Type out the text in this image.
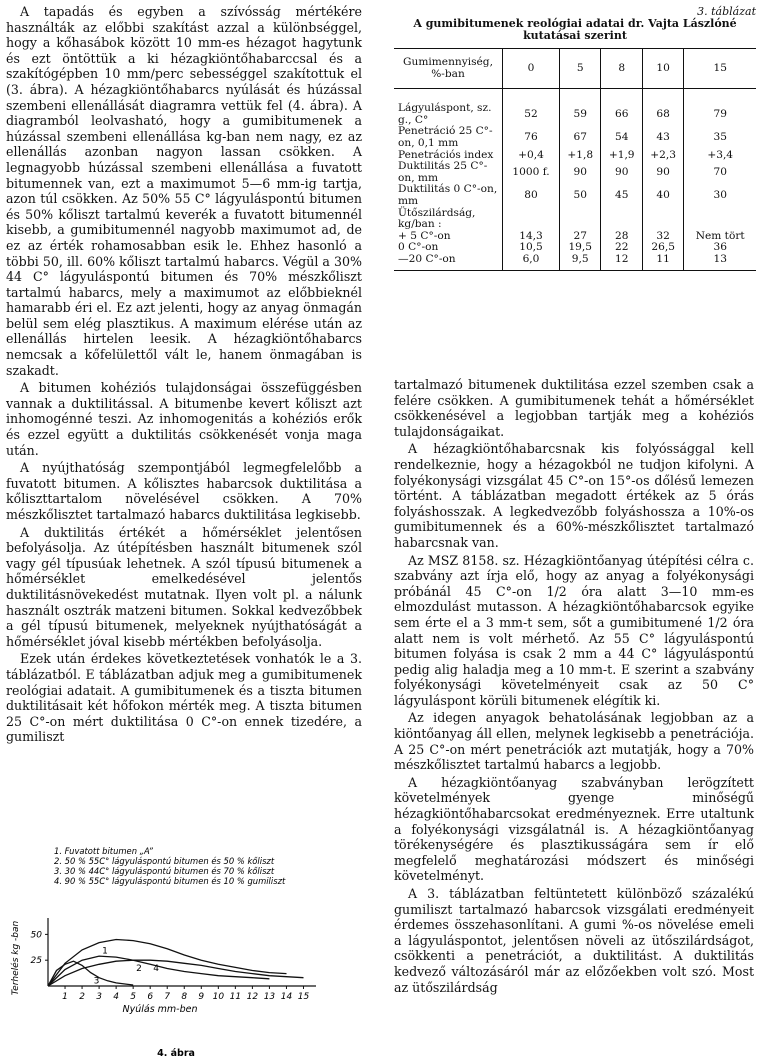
A tapadás és egyben a szívósság mértékére használták az előbbi szakítást azzal a különbséggel, hogy a kőhasábok között 10 mm-es hézagot hagytunk és ezt öntöttük a ki hézagkiöntőhabarccsal és a szakítógépben 10 mm/perc sebességgel szakítottuk el (3. ábra). A hézagkiöntőhabarcs nyúlását és húzással szembeni ellenállását diagramra vettük fel (4. ábra). A diagramból leolvasható, hogy a gumibitumenek a húzással szembeni ellenállása kg-ban nem nagy, ez az ellenállás azonban nagyon lassan csökken. A legnagyobb húzással szembeni ellenállása a fuvatott bitumennek van, ezt a maximumot 5—6 mm-ig tartja, azon túl csökken. Az 50% 55 C° lágyuláspontú bitumen és 50% kőliszt tartalmú keverék a fuvatott bitumennél kisebb, a gumibitumennél nagyobb maximumot ad, de ez az érték rohamosabban esik le. Ehhez hasonló a többi 50, ill. 60% kőliszt tartalmú habarcs. Végül a 30% 44 C° lágyuláspontú bitumen és 70% mészkőliszt tartalmú habarcs, mely a maximumot az előbbieknél hamarabb éri el. Ez azt jelenti, hogy az anyag önmagán belül sem elég plasztikus. A maximum elérése után az ellenállás hirtelen leesik. A hézagkiöntőhabarcs nemcsak a kőfelülettől vált le, hanem önmagában is szakadt.

A bitumen kohéziós tulajdonságai összefüggésben vannak a duktilitással. A bitumenbe kevert kőliszt azt inhomogénné teszi. Az inhomogenitás a kohéziós erők és ezzel együtt a duktilitás csökkenését vonja maga után.

A nyújthatóság szempontjából legmegfelelőbb a fuvatott bitumen. A kőlisztes habarcsok duktilitása a kőliszttartalom növelésével csökken. A 70% mészkőlisztet tartalmazó habarcs duktilitása legkisebb.

A duktilitás értékét a hőmérséklet jelentősen befolyásolja. Az útépítésben használt bitumenek szól vagy gél típusúak lehetnek. A szól típusú bitumenek a hőmérséklet emelkedésével jelentős duktilitásnövekedést mutatnak. Ilyen volt pl. a nálunk használt osztrák matzeni bitumen. Sokkal kedvezőbbek a gél típusú bitumenek, melyeknek nyújthatóságát a hőmérséklet jóval kisebb mértékben befolyásolja.

Ezek után érdekes következtetések vonhatók le a 3. táblázatból. E táblázatban adjuk meg a gumibitumenek reológiai adatait. A gumibitumenek és a tiszta bitumen duktilitásait két hőfokon mérték meg. A tiszta bitumen 25 C°-on mért duktilitása 0 C°-on ennek tizedére, a gumiliszt

3. táblázat
A gumibitumenek reológiai adatai dr. Vajta Lászlóné
kutatásai szerint
Gumimennyiség, %-ban	0	5	8	10	15
Lágyuláspont, sz. g., C°	52	59	66	68	79
Penetráció 25 C°-on, 0,1 mm	76	67	54	43	35
Penetrációs index	+0,4	+1,8	+1,9	+2,3	+3,4
Duktilitás 25 C°-on, mm	1000 f.	90	90	90	70
Duktilitás 0 C°-on, mm	80	50	45	40	30
Ütőszilárdság, kg/ban :					
+ 5 C°-on	14,3	27	28	32	Nem tört
0 C°-on	10,5	19,5	22	26,5	36
—20 C°-on	6,0	9,5	12	11	13

tartalmazó bitumenek duktilitása ezzel szemben csak a felére csökken. A gumibitumenek tehát a hőmérséklet csökkenésével a legjobban tartják meg a kohéziós tulajdonságaikat.

A hézagkiöntőhabarcsnak kis folyóssággal kell rendelkeznie, hogy a hézagokból ne tudjon kifolyni. A folyékonysági vizsgálat 45 C°-on 15°-os dőlésű lemezen történt. A táblázatban megadott értékek az 5 órás folyáshosszak. A legkedvezőbb folyáshossza a 10%-os gumibitumennek és a 60%-mészkőlisztet tartalmazó habarcsnak van.

Az MSZ 8158. sz. Hézagkiöntőanyag útépítési célra c. szabvány azt írja elő, hogy az anyag a folyékonysági próbánál 45 C°-on 1/2 óra alatt 3—10 mm-es elmozdulást mutasson. A hézagkiöntőhabarcsok egyike sem érte el a 3 mm-t sem, sőt a gumibitumené 1/2 óra alatt nem is volt mérhető. Az 55 C° lágyuláspontú bitumen folyása is csak 2 mm a 44 C° lágyuláspontú pedig alig haladja meg a 10 mm-t. E szerint a szabvány folyékonysági követelményeit csak az 50 C° lágyuláspont körüli bitumenek elégítik ki.

Az idegen anyagok behatolásának legjobban az a kiöntőanyag áll ellen, melynek legkisebb a penetrációja. A 25 C°-on mért penetrációk azt mutatják, hogy a 70% mészkőlisztet tartalmú habarcs a legjobb.

A hézagkiöntőanyag szabványban lerögzített követelmények gyenge minőségű hézagkiöntőhabarcsokat eredményeznek. Erre utaltunk a folyékonysági vizsgálatnál is. A hézagkiöntőanyag törékenységére és plasztikusságára sem ír elő megfelelő meghatározási módszert és minőségi követelményt.

A 3. táblázatban feltüntetett különböző százalékú gumiliszt tartalmazó habarcsok vizsgálati eredményeit érdemes összehasonlítani. A gumi %-os növelése emeli a lágyuláspontot, jelentősen növeli az ütőszilárdságot, csökkenti a penetrációt, a duktilitást. A duktilitás kedvező változásáról már az előzőekben volt szó. Most az ütőszilárdság

1. Fuvatott bitumen „A”
2. 50 % 55C° lágyuláspontú bitumen és 50 % kőliszt
3. 30 % 44C° lágyuláspontú bitumen és 70 % kőliszt
4. 90 % 55C° lágyuláspontú bitumen és 10 % gumiliszt
50
25
1 2 3 4 5 6 7 8 9 10 11 12 13 14 15
Terhelés kg -ban
Nyúlás mm-ben
1
2
3
4
4. ábra
